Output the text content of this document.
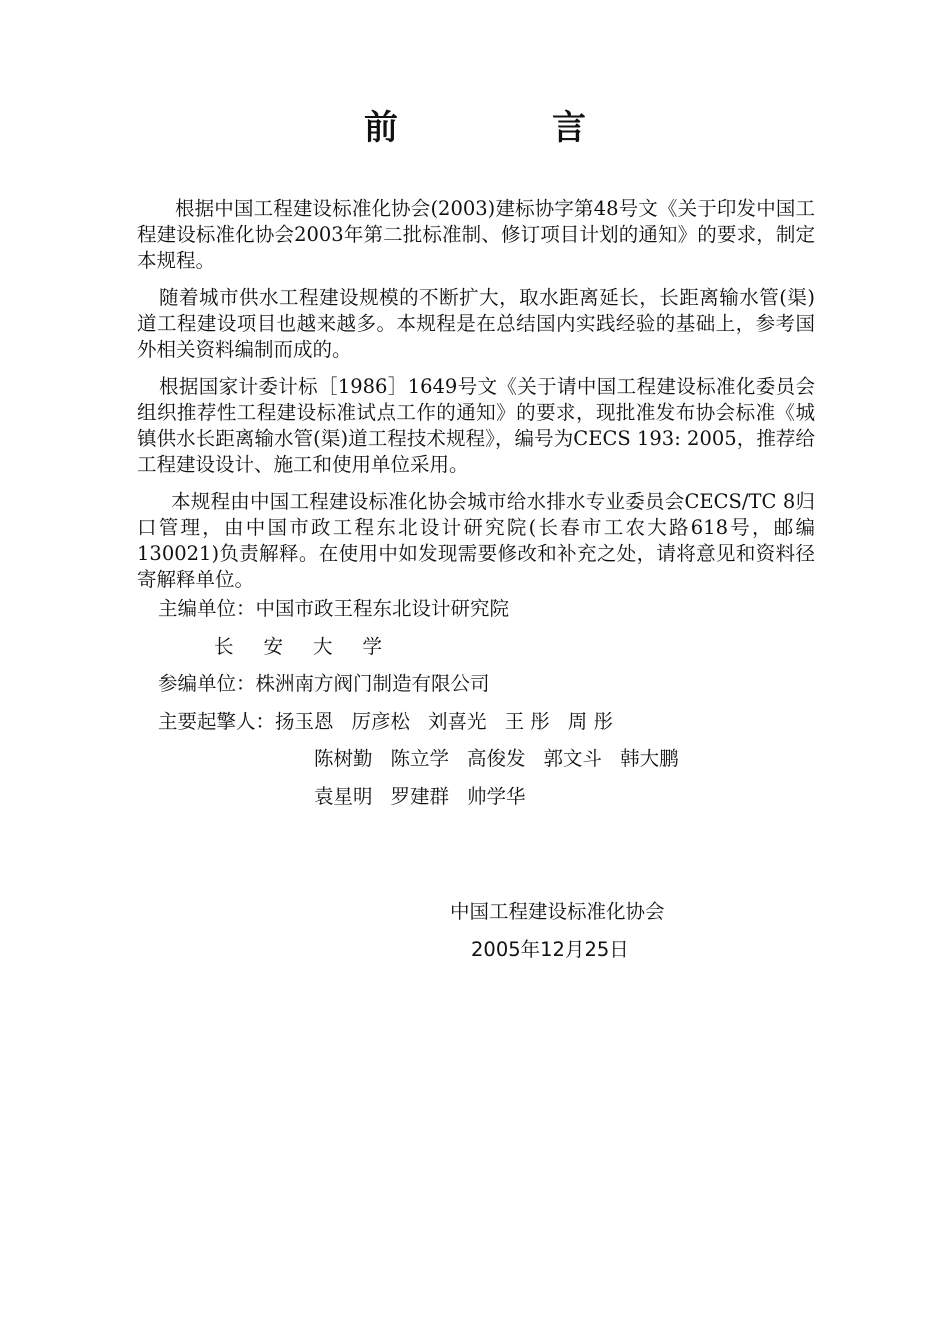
前　言

根据中国工程建设标准化协会(2003)建标协字第48号文《关于印发中国工程建设标准化协会2003年第二批标准制、修订项目计划的通知》的要求，制定本规程。

随着城市供水工程建设规模的不断扩大，取水距离延长，长距离输水管(渠)道工程建设项目也越来越多。本规程是在总结国内实践经验的基础上，参考国外相关资料编制而成的。

根据国家计委计标［1986］1649号文《关于请中国工程建设标准化委员会组织推荐性工程建设标准试点工作的通知》的要求，现批准发布协会标准《城镇供水长距离输水管(渠)道工程技术规程》，编号为CECS 193: 2005，推荐给工程建设设计、施工和使用单位采用。

本规程由中国工程建设标准化协会城市给水排水专业委员会CECS/TC 8归口管理，由中国市政工程东北设计研究院(长春市工农大路618号，邮编130021)负责解释。在使用中如发现需要修改和补充之处，请将意见和资料径寄解释单位。

主编单位：中国市政王程东北设计研究院
长 安 大 学
参编单位：株洲南方阀门制造有限公司
主要起擎人：扬玉恩 厉彦松 刘喜光 王 彤 周 彤
陈树勤 陈立学 高俊发 郭文斗 韩大鹏
袁星明 罗建群 帅学华
中国工程建设标准化协会
2005年12月25日
